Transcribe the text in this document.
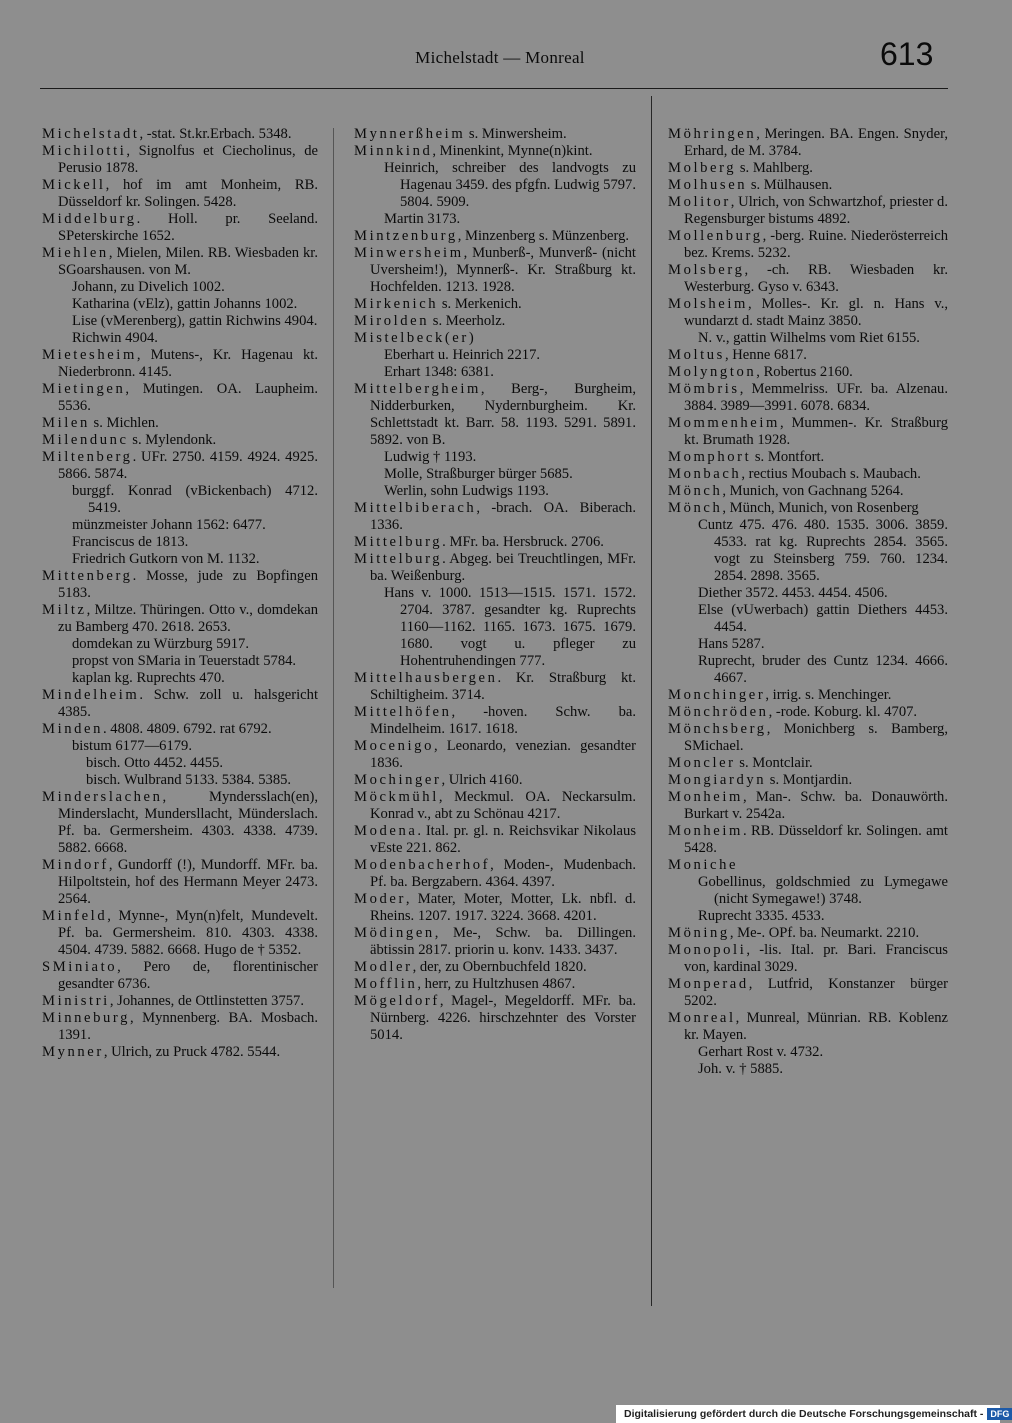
Michelstadt — Monreal	613
Michelstadt, -stat. St.kr.Erbach. 5348.
Michilotti, Signolfus et Ciecholinus, de Perusio 1878.
Mickell, hof im amt Monheim, RB. Düsseldorf kr. Solingen. 5428.
Middelburg. Holl. pr. Seeland. SPeterskirche 1652.
Miehlen, Mielen, Milen. RB. Wiesbaden kr. SGoarshausen. von M.
Johann, zu Divelich 1002.
Katharina (vElz), gattin Johanns 1002.
Lise (vMerenberg), gattin Richwins 4904.
Richwin 4904.
Mietesheim, Mutens-, Kr. Hagenau kt. Niederbronn. 4145.
Mietingen, Mutingen. OA. Laupheim. 5536.
Milen s. Michlen.
Milendunc s. Mylendonk.
Miltenberg. UFr. 2750. 4159. 4924. 4925. 5866. 5874.
burggf. Konrad (vBickenbach) 4712. 5419.
münzmeister Johann 1562: 6477.
Franciscus de 1813.
Friedrich Gutkorn von M. 1132.
Mittenberg. Mosse, jude zu Bopfingen 5183.
Miltz, Miltze. Thüringen. Otto v., domdekan zu Bamberg 470. 2618. 2653.
domdekan zu Würzburg 5917.
propst von SMaria in Teuerstadt 5784.
kaplan kg. Ruprechts 470.
Mindelheim. Schw. zoll u. halsgericht 4385.
Minden. 4808. 4809. 6792. rat 6792.
bistum 6177—6179.
bisch. Otto 4452. 4455.
bisch. Wulbrand 5133. 5384. 5385.
Minderslachen, Myndersslach(en), Minderslacht, Mundersllacht, Münderslach. Pf. ba. Germersheim. 4303. 4338. 4739. 5882. 6668.
Mindorf, Gundorff (!), Mundorff. MFr. ba. Hilpoltstein, hof des Hermann Meyer 2473. 2564.
Minfeld, Mynne-, Myn(n)felt, Mundevelt. Pf. ba. Germersheim. 810. 4303. 4338. 4504. 4739. 5882. 6668. Hugo de † 5352.
SMiniato, Pero de, florentinischer gesandter 6736.
Ministri, Johannes, de Ottlinstetten 3757.
Minneburg, Mynnenberg. BA. Mosbach. 1391.
Mynner, Ulrich, zu Pruck 4782. 5544.
Mynnerßheim s. Minwersheim.
Minnkind, Minenkint, Mynne(n)kint.
Heinrich, schreiber des landvogts zu Hagenau 3459. des pfgfn. Ludwig 5797. 5804. 5909.
Martin 3173.
Mintzenburg, Minzenberg s. Münzenberg.
Minwersheim, Munberß-, Munverß- (nicht Uversheim!), Mynnerß-. Kr. Straßburg kt. Hochfelden. 1213. 1928.
Mirkenich s. Merkenich.
Mirolden s. Meerholz.
Mistelbeck(er)
Eberhart u. Heinrich 2217.
Erhart 1348: 6381.
Mittelbergheim, Berg-, Burgheim, Nidderburken, Nydernburgheim. Kr. Schlettstadt kt. Barr. 58. 1193. 5291. 5891. 5892. von B.
Ludwig † 1193.
Molle, Straßburger bürger 5685.
Werlin, sohn Ludwigs 1193.
Mittelbiberach, -brach. OA. Biberach. 1336.
Mittelburg. MFr. ba. Hersbruck. 2706.
Mittelburg. Abgeg. bei Treuchtlingen, MFr. ba. Weißenburg.
Hans v. 1000. 1513—1515. 1571. 1572. 2704. 3787. gesandter kg. Ruprechts 1160—1162. 1165. 1673. 1675. 1679. 1680. vogt u. pfleger zu Hohentruhendingen 777.
Mittelhausbergen. Kr. Straßburg kt. Schiltigheim. 3714.
Mittelhöfen, -hoven. Schw. ba. Mindelheim. 1617. 1618.
Mocenigo, Leonardo, venezian. gesandter 1836.
Mochinger, Ulrich 4160.
Möckmühl, Meckmul. OA. Neckarsulm. Konrad v., abt zu Schönau 4217.
Modena. Ital. pr. gl. n. Reichsvikar Nikolaus vEste 221. 862.
Modenbacherhof, Moden-, Mudenbach. Pf. ba. Bergzabern. 4364. 4397.
Moder, Mater, Moter, Motter, Lk. nbfl. d. Rheins. 1207. 1917. 3224. 3668. 4201.
Mödingen, Me-, Schw. ba. Dillingen. äbtissin 2817. priorin u. konv. 1433. 3437.
Modler, der, zu Obernbuchfeld 1820.
Mofflin, herr, zu Hultzhusen 4867.
Mögeldorf, Magel-, Megeldorff. MFr. ba. Nürnberg. 4226. hirschzehnter des Vorster 5014.
Möhringen, Meringen. BA. Engen. Snyder, Erhard, de M. 3784.
Molberg s. Mahlberg.
Molhusen s. Mülhausen.
Molitor, Ulrich, von Schwartzhof, priester d. Regensburger bistums 4892.
Mollenburg, -berg. Ruine. Niederösterreich bez. Krems. 5232.
Molsberg, -ch. RB. Wiesbaden kr. Westerburg. Gyso v. 6343.
Molsheim, Molles-. Kr. gl. n. Hans v., wundarzt d. stadt Mainz 3850.
N. v., gattin Wilhelms vom Riet 6155.
Moltus, Henne 6817.
Molyngton, Robertus 2160.
Mömbris, Memmelriss. UFr. ba. Alzenau. 3884. 3989—3991. 6078. 6834.
Mommenheim, Mummen-. Kr. Straßburg kt. Brumath 1928.
Momphort s. Montfort.
Monbach, rectius Moubach s. Maubach.
Mönch, Munich, von Gachnang 5264.
Mönch, Münch, Munich, von Rosenberg
Cuntz 475. 476. 480. 1535. 3006. 3859. 4533. rat kg. Ruprechts 2854. 3565. vogt zu Steinsberg 759. 760. 1234. 2854. 2898. 3565.
Diether 3572. 4453. 4454. 4506.
Else (vUwerbach) gattin Diethers 4453. 4454.
Hans 5287.
Ruprecht, bruder des Cuntz 1234. 4666. 4667.
Monchinger, irrig. s. Menchinger.
Mönchröden, -rode. Koburg. kl. 4707.
Mönchsberg, Monichberg s. Bamberg, SMichael.
Moncler s. Montclair.
Mongiardyn s. Montjardin.
Monheim, Man-. Schw. ba. Donauwörth. Burkart v. 2542a.
Monheim. RB. Düsseldorf kr. Solingen. amt 5428.
Moniche
Gobellinus, goldschmied zu Lymegawe (nicht Symegawe!) 3748.
Ruprecht 3335. 4533.
Möning, Me-. OPf. ba. Neumarkt. 2210.
Monopoli, -lis. Ital. pr. Bari. Franciscus von, kardinal 3029.
Monperad, Lutfrid, Konstanzer bürger 5202.
Monreal, Munreal, Münrian. RB. Koblenz kr. Mayen.
Gerhart Rost v. 4732.
Joh. v. † 5885.
Digitalisierung gefördert durch die Deutsche Forschungsgemeinschaft - DFG
